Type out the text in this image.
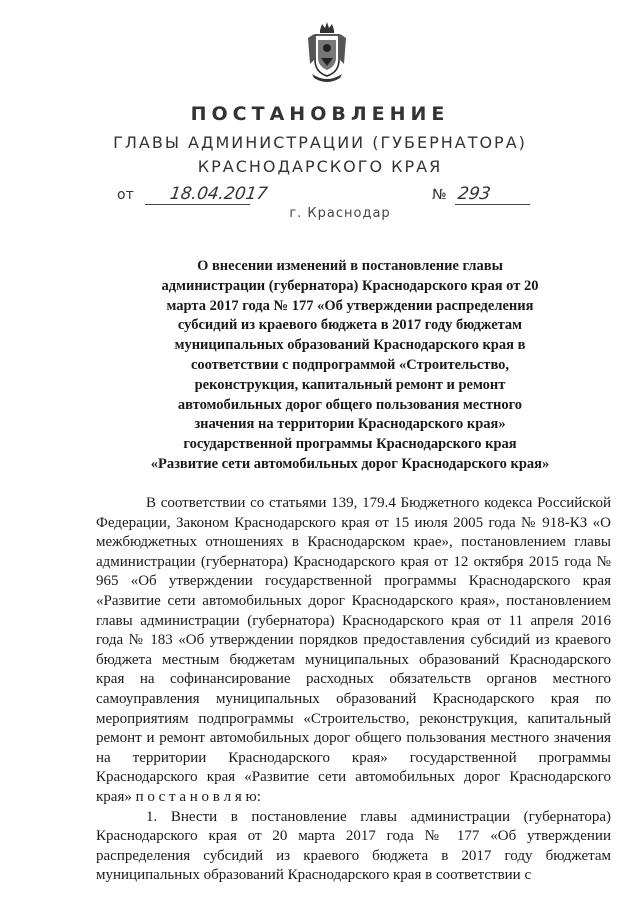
ПОСТАНОВЛЕНИЕ
ГЛАВЫ АДМИНИСТРАЦИИ (ГУБЕРНАТОРА)
КРАСНОДАРСКОГО КРАЯ
от 18.04.2017	№ 293
г. Краснодар
О внесении изменений в постановление главы администрации (губернатора) Краснодарского края от 20 марта 2017 года № 177 «Об утверждении распределения субсидий из краевого бюджета в 2017 году бюджетам муниципальных образований Краснодарского края в соответствии с подпрограммой «Строительство, реконструкция, капитальный ремонт и ремонт автомобильных дорог общего пользования местного значения на территории Краснодарского края» государственной программы Краснодарского края «Развитие сети автомобильных дорог Краснодарского края»

В соответствии со статьями 139, 179.4 Бюджетного кодекса Российской Федерации, Законом Краснодарского края от 15 июля 2005 года № 918-КЗ «О межбюджетных отношениях в Краснодарском крае», постановлением главы администрации (губернатора) Краснодарского края от 12 октября 2015 года № 965 «Об утверждении государственной программы Краснодарского края «Развитие сети автомобильных дорог Краснодарского края», постановлением главы администрации (губернатора) Краснодарского края от 11 апреля 2016 года № 183 «Об утверждении порядков предоставления субсидий из краевого бюджета местным бюджетам муниципальных образований Краснодарского края на софинансирование расходных обязательств органов местного самоуправления муниципальных образований Краснодарского края по мероприятиям подпрограммы «Строительство, реконструкция, капитальный ремонт и ремонт автомобильных дорог общего пользования местного значения на территории Краснодарского края» государственной программы Краснодарского края «Развитие сети автомобильных дорог Краснодарского края» п о с т а н о в л я ю:

1. Внести в постановление главы администрации (губернатора) Краснодарского края от 20 марта 2017 года № 177 «Об утверждении распределения субсидий из краевого бюджета в 2017 году бюджетам муниципальных образований Краснодарского края в соответствии с
